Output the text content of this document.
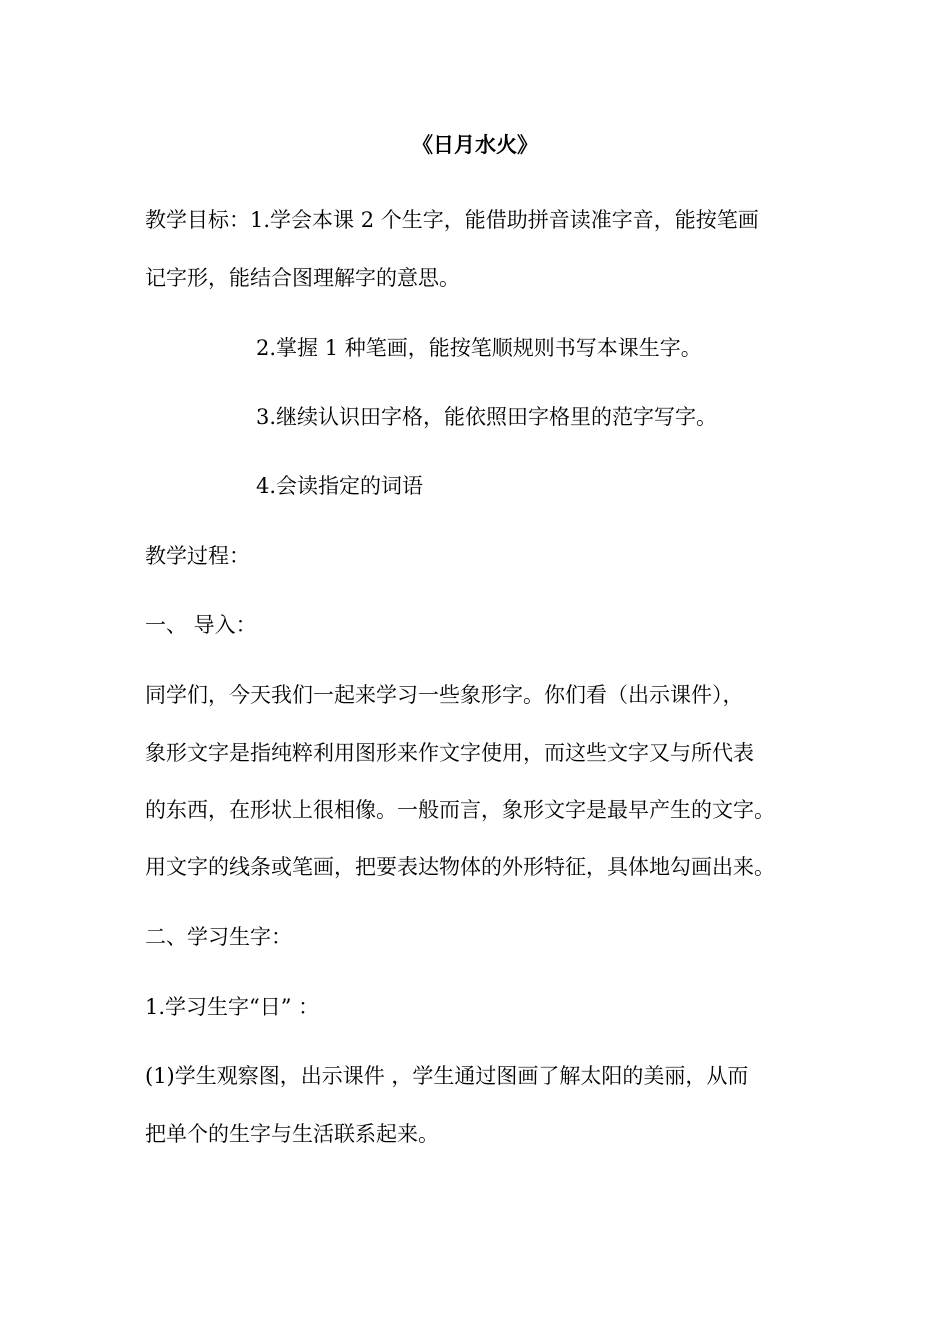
《日月水火》

教学目标：1.学会本课 2 个生字，能借助拼音读准字音，能按笔画

记字形，能结合图理解字的意思。

2.掌握 1 种笔画，能按笔顺规则书写本课生字。

3.继续认识田字格，能依照田字格里的范字写字。

4.会读指定的词语

教学过程：

一、 导入：

同学们，今天我们一起来学习一些象形字。你们看（出示课件），

象形文字是指纯粹利用图形来作文字使用，而这些文字又与所代表

的东西，在形状上很相像。一般而言，象形文字是最早产生的文字。

用文字的线条或笔画，把要表达物体的外形特征，具体地勾画出来。

二、学习生字：

1.学习生字“日” ：

(1)学生观察图，出示课件 ，学生通过图画了解太阳的美丽，从而

把单个的生字与生活联系起来。
